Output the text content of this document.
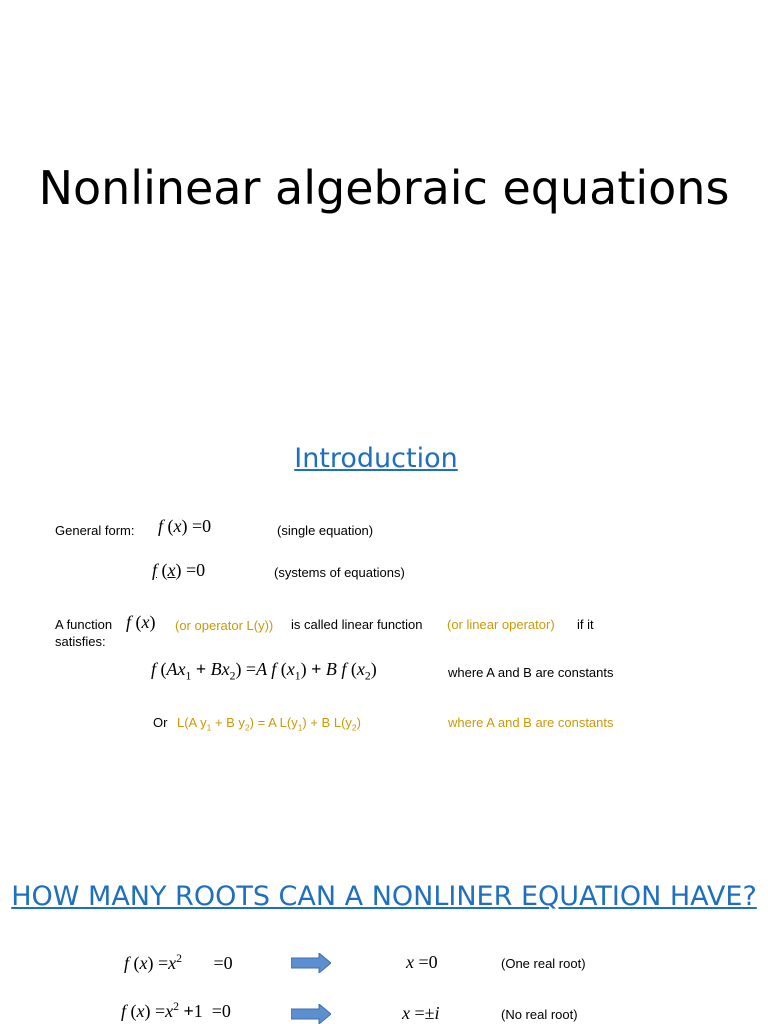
Nonlinear algebraic equations
Introduction
General form: f (x) =0	(single equation)
f (x) =0	(systems of equations)
A function f (x) (or operator L(y)) is called linear function (or linear operator) if it
satisfies:
f $(Ax_1 + Bx_2) =A$ f $(x_1) + B$ f $(x_2)$	where A and B are constants
Or L(A $y_1 + B$ $y_2) = A$ $L(y_1) + B$ $L(y_2)$	where A and B are constants
HOW MANY ROOTS CAN A NONLINER EQUATION HAVE?
f $(x) =x^2$       =0	x =0	(One real root)
f $(x) =x^2 +1 =0$	x =±i	(No real root)
